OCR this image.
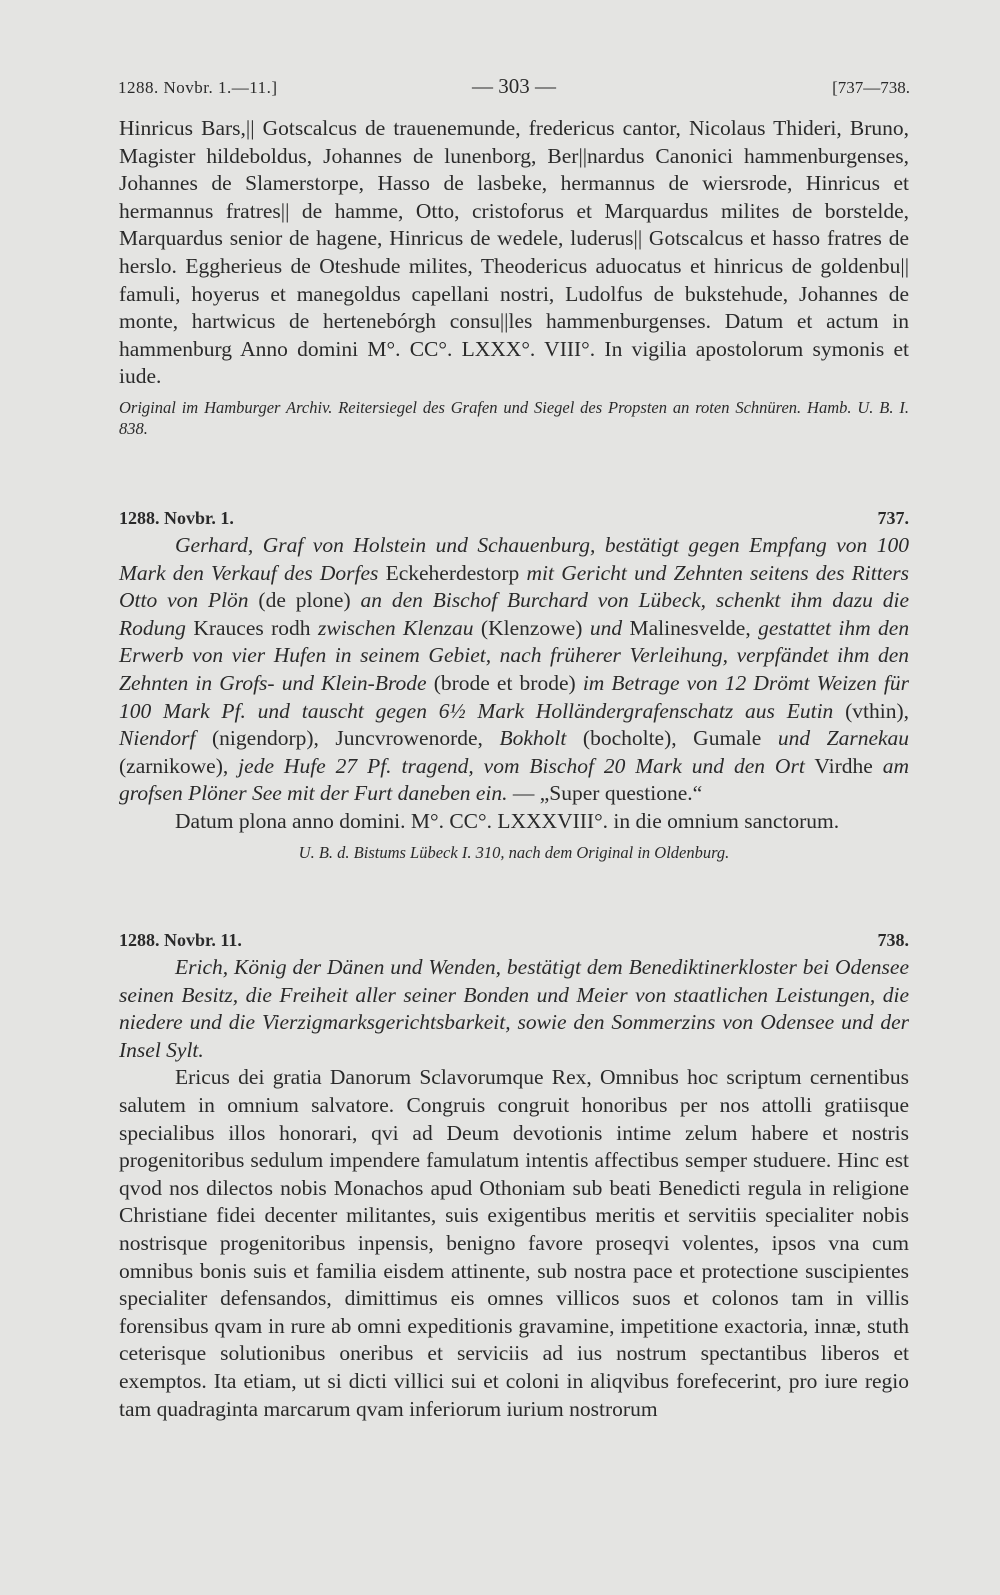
1288. Novbr. 1.—11.]	— 303 —	[737—738.

Hinricus Bars,|| Gotscalcus de trauenemunde, fredericus cantor, Nicolaus Thideri, Bruno, Magister hildeboldus, Johannes de lunenborg, Ber||nardus Canonici hammenburgenses, Johannes de Slamerstorpe, Hasso de lasbeke, hermannus de wiersrode, Hinricus et hermannus fratres|| de hamme, Otto, cristoforus et Marquardus milites de borstelde, Marquardus senior de hagene, Hinricus de wedele, luderus|| Gotscalcus et hasso fratres de herslo. Eggherieus de Oteshude milites, Theodericus aduocatus et hinricus de goldenbu|| famuli, hoyerus et manegoldus capellani nostri, Ludolfus de bukstehude, Johannes de monte, hartwicus de hertenebórgh consu||les hammenburgenses. Datum et actum in hammenburg Anno domini M°. CC°. LXXX°. VIII°. In vigilia apostolorum symonis et iude.

Original im Hamburger Archiv. Reitersiegel des Grafen und Siegel des Propsten an roten Schnüren. Hamb. U. B. I. 838.

1288. Novbr. 1.	737.

Gerhard, Graf von Holstein und Schauenburg, bestätigt gegen Empfang von 100 Mark den Verkauf des Dorfes Eckeherdestorp mit Gericht und Zehnten seitens des Ritters Otto von Plön (de plone) an den Bischof Burchard von Lübeck, schenkt ihm dazu die Rodung Krauces rodh zwischen Klenzau (Klenzowe) und Malinesvelde, gestattet ihm den Erwerb von vier Hufen in seinem Gebiet, nach früherer Verleihung, verpfändet ihm den Zehnten in Grofs- und Klein-Brode (brode et brode) im Betrage von 12 Drömt Weizen für 100 Mark Pf. und tauscht gegen 6½ Mark Holländergrafenschatz aus Eutin (vthin), Niendorf (nigendorp), Juncvrowenorde, Bokholt (bocholte), Gumale und Zarnekau (zarnikowe), jede Hufe 27 Pf. tragend, vom Bischof 20 Mark und den Ort Virdhe am grofsen Plöner See mit der Furt daneben ein. — „Super questione.“

Datum plona anno domini. M°. CC°. LXXXVIII°. in die omnium sanctorum.

U. B. d. Bistums Lübeck I. 310, nach dem Original in Oldenburg.

1288. Novbr. 11.	738.

Erich, König der Dänen und Wenden, bestätigt dem Benediktinerkloster bei Odensee seinen Besitz, die Freiheit aller seiner Bonden und Meier von staatlichen Leistungen, die niedere und die Vierzigmarksgerichtsbarkeit, sowie den Sommerzins von Odensee und der Insel Sylt.

Ericus dei gratia Danorum Sclavorumque Rex, Omnibus hoc scriptum cernentibus salutem in omnium salvatore. Congruis congruit honoribus per nos attolli gratiisque specialibus illos honorari, qvi ad Deum devotionis intime zelum habere et nostris progenitoribus sedulum impendere famulatum intentis affectibus semper studuere. Hinc est qvod nos dilectos nobis Monachos apud Othoniam sub beati Benedicti regula in religione Christiane fidei decenter militantes, suis exigentibus meritis et servitiis specialiter nobis nostrisque progenitoribus inpensis, benigno favore proseqvi volentes, ipsos vna cum omnibus bonis suis et familia eisdem attinente, sub nostra pace et protectione suscipientes specialiter defensandos, dimittimus eis omnes villicos suos et colonos tam in villis forensibus qvam in rure ab omni expeditionis gravamine, impetitione exactoria, innæ, stuth ceterisque solutionibus oneribus et serviciis ad ius nostrum spectantibus liberos et exemptos. Ita etiam, ut si dicti villici sui et coloni in aliqvibus forefecerint, pro iure regio tam quadraginta marcarum qvam inferiorum iurium nostrorum
